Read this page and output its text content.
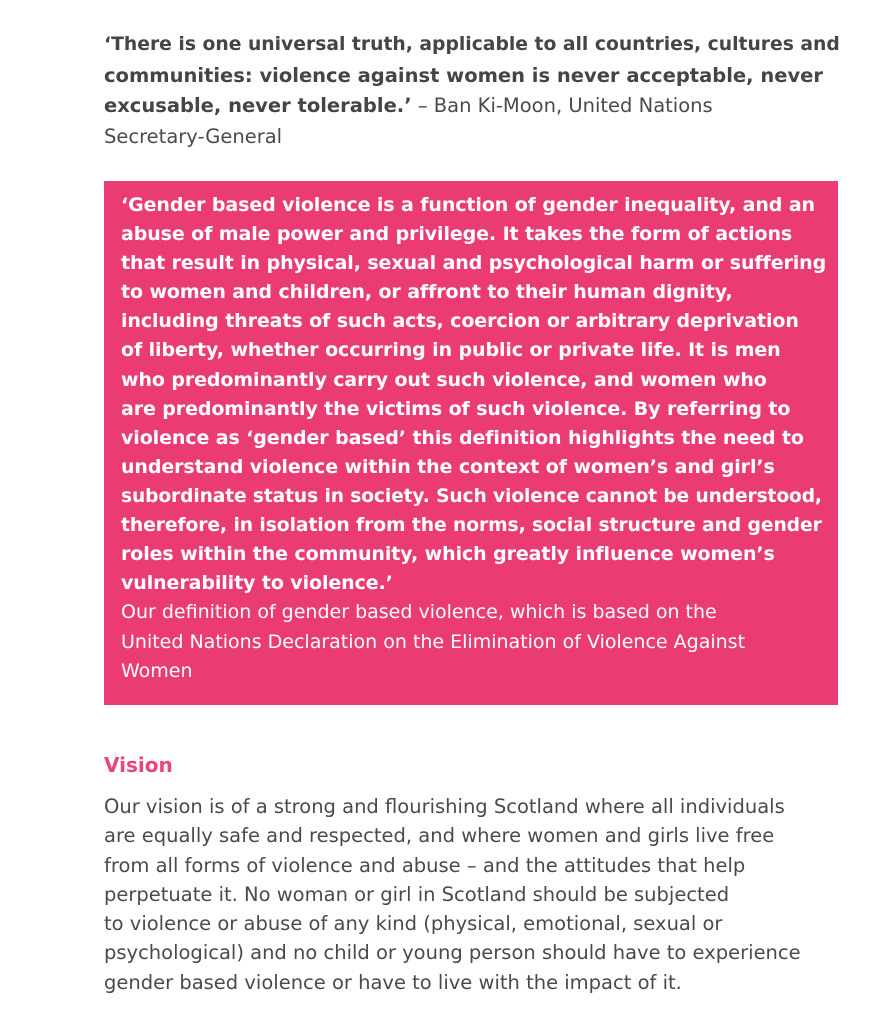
‘There is one universal truth, applicable to all countries, cultures and
communities: violence against women is never acceptable, never
excusable, never tolerable.’ – Ban Ki-Moon, United Nations
Secretary-General
‘Gender based violence is a function of gender inequality, and an
abuse of male power and privilege. It takes the form of actions
that result in physical, sexual and psychological harm or suffering
to women and children, or affront to their human dignity,
including threats of such acts, coercion or arbitrary deprivation
of liberty, whether occurring in public or private life. It is men
who predominantly carry out such violence, and women who
are predominantly the victims of such violence. By referring to
violence as ‘gender based’ this definition highlights the need to
understand violence within the context of women’s and girl’s
subordinate status in society. Such violence cannot be understood,
therefore, in isolation from the norms, social structure and gender
roles within the community, which greatly influence women’s
vulnerability to violence.’
Our definition of gender based violence, which is based on the
United Nations Declaration on the Elimination of Violence Against
Women
Vision
Our vision is of a strong and flourishing Scotland where all individuals
are equally safe and respected, and where women and girls live free
from all forms of violence and abuse – and the attitudes that help
perpetuate it. No woman or girl in Scotland should be subjected
to violence or abuse of any kind (physical, emotional, sexual or
psychological) and no child or young person should have to experience
gender based violence or have to live with the impact of it.
